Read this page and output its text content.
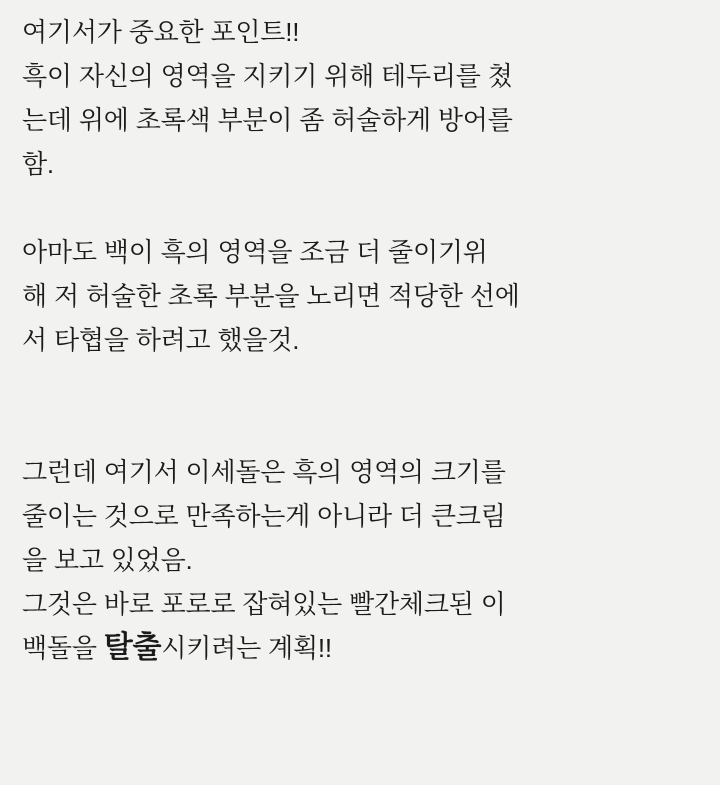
여기서가 중요한 포인트!!
흑이 자신의 영역을 지키기 위해 테두리를 쳤
는데 위에 초록색 부분이 좀 허술하게 방어를
함.
아마도 백이 흑의 영역을 조금 더 줄이기위
해 저 허술한 초록 부분을 노리면 적당한 선에
서 타협을 하려고 했을것.
그런데 여기서 이세돌은 흑의 영역의 크기를
줄이는 것으로 만족하는게 아니라 더 큰크림
을 보고 있었음.
그것은 바로 포로로 잡혀있는 빨간체크된 이
백돌을 탈출시키려는 계획!!
